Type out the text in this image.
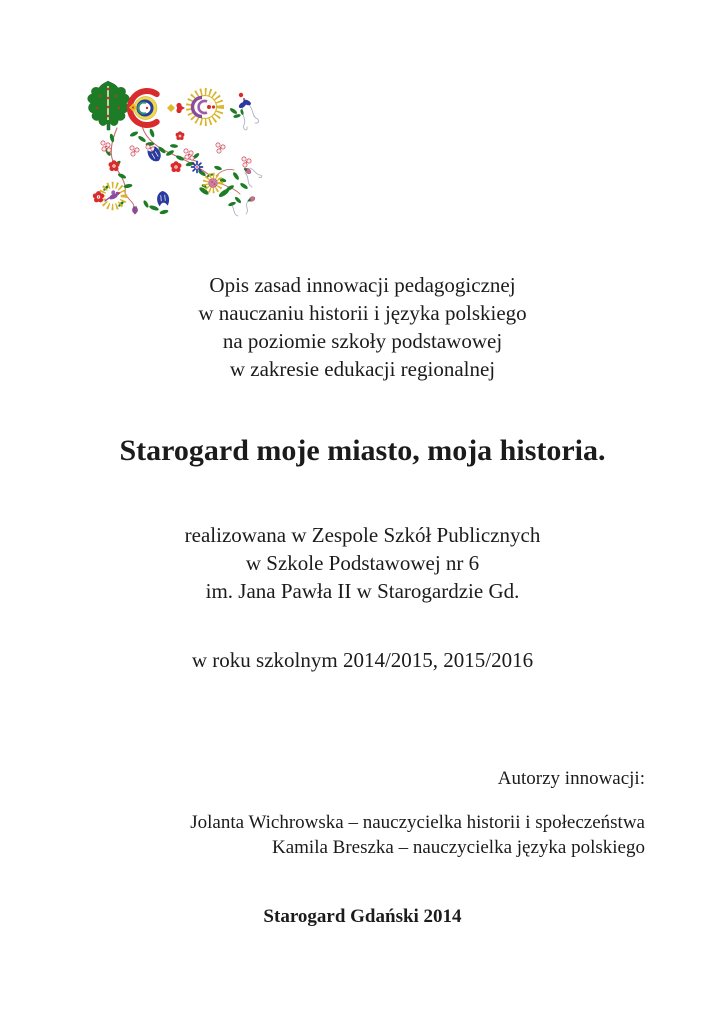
Opis zasad innowacji pedagogicznej
w nauczaniu historii i języka polskiego
na poziomie szkoły podstawowej
w zakresie edukacji regionalnej
Starogard moje miasto, moja historia.
realizowana w Zespole Szkół Publicznych
w Szkole Podstawowej nr 6
im. Jana Pawła II w Starogardzie Gd.
w roku szkolnym 2014/2015, 2015/2016
Autorzy innowacji:
Jolanta Wichrowska – nauczycielka historii i społeczeństwa
Kamila Breszka – nauczycielka języka polskiego
Starogard Gdański 2014
